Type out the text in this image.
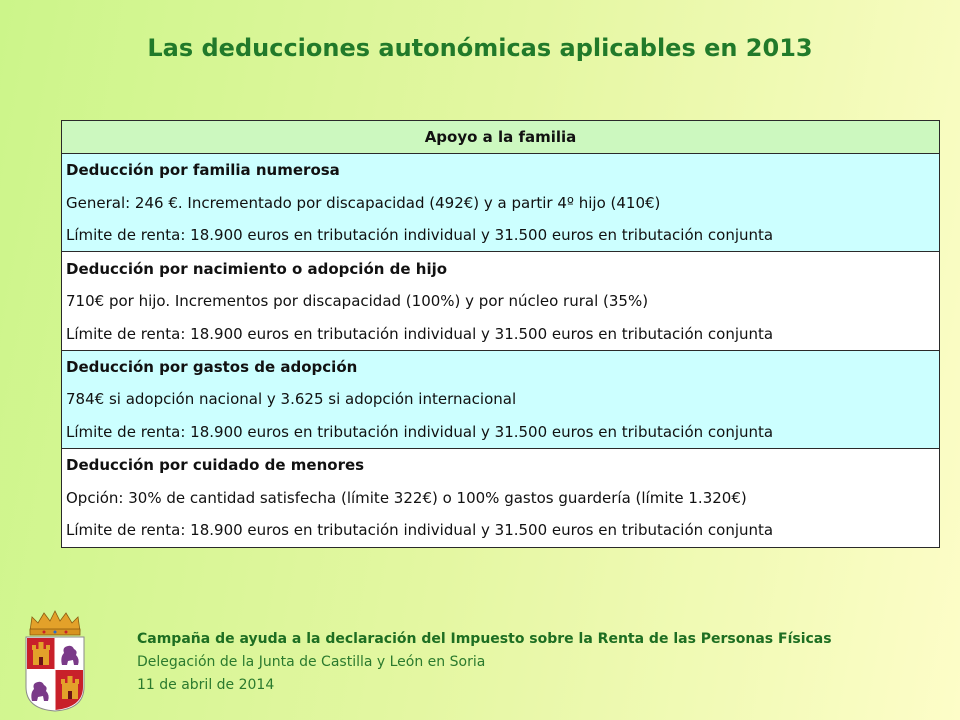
Las deducciones autonómicas aplicables en 2013
Apoyo a la familia
Deducción por familia numerosa
General: 246 €. Incrementado por discapacidad (492€) y a partir 4º hijo (410€)
Límite de renta: 18.900 euros en tributación individual y 31.500 euros en tributación conjunta
Deducción por nacimiento o adopción de hijo
710€ por hijo. Incrementos por discapacidad (100%) y por núcleo rural (35%)
Límite de renta: 18.900 euros en tributación individual y 31.500 euros en tributación conjunta
Deducción por gastos de adopción
784€ si adopción nacional y 3.625 si adopción internacional
Límite de renta: 18.900 euros en tributación individual y 31.500 euros en tributación conjunta
Deducción por cuidado de menores
Opción: 30% de cantidad satisfecha (límite 322€) o 100% gastos guardería (límite 1.320€)
Límite de renta: 18.900 euros en tributación individual y 31.500 euros en tributación conjunta
Campaña de ayuda a la declaración del Impuesto sobre la Renta de las Personas Físicas
Delegación de la Junta de Castilla y León en Soria
11 de abril de 2014
